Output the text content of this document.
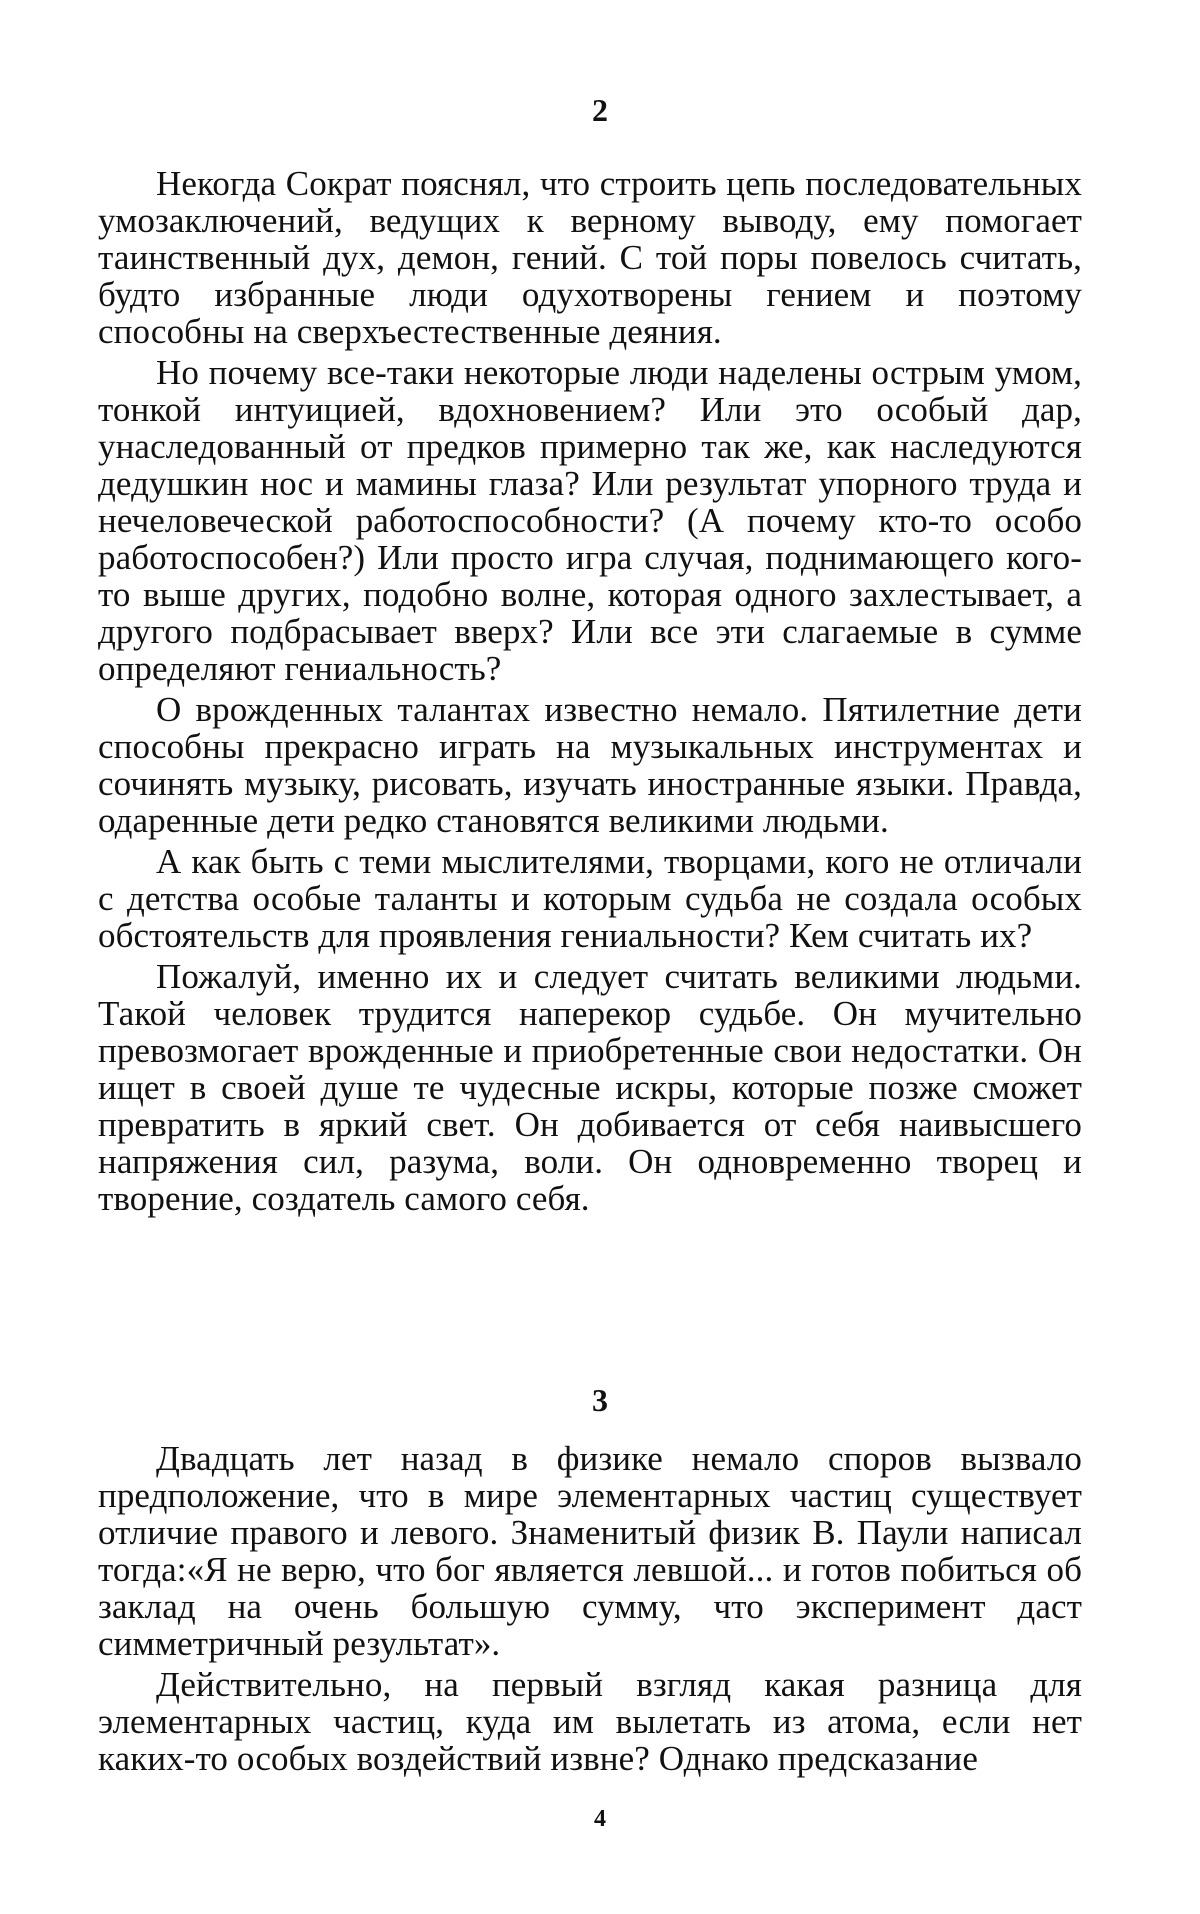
2

Некогда Сократ пояснял, что строить цепь последовательных умозаключений, ведущих к верному выводу, ему помогает таинственный дух, демон, гений. С той поры повелось считать, будто избранные люди одухотворены гением и поэтому способны на сверхъестественные деяния.

Но почему все-таки некоторые люди наделены острым умом, тонкой интуицией, вдохновением? Или это особый дар, унаследованный от предков примерно так же, как наследуются дедушкин нос и мамины глаза? Или результат упорного труда и нечеловеческой работоспособности? (А почему кто-то особо работоспособен?) Или просто игра случая, поднимающего кого-то выше других, подобно волне, которая одного захлестывает, а другого подбрасывает вверх? Или все эти слагаемые в сумме определяют гениальность?

О врожденных талантах известно немало. Пятилетние дети способны прекрасно играть на музыкальных инструментах и сочинять музыку, рисовать, изучать иностранные языки. Правда, одаренные дети редко становятся великими людьми.

А как быть с теми мыслителями, творцами, кого не отличали с детства особые таланты и которым судьба не создала особых обстоятельств для проявления гениальности? Кем считать их?

Пожалуй, именно их и следует считать великими людьми. Такой человек трудится наперекор судьбе. Он мучительно превозмогает врожденные и приобретенные свои недостатки. Он ищет в своей душе те чудесные искры, которые позже сможет превратить в яркий свет. Он добивается от себя наивысшего напряжения сил, разума, воли. Он одновременно творец и творение, создатель самого себя.

3

Двадцать лет назад в физике немало споров вызвало предположение, что в мире элементарных частиц существует отличие правого и левого. Знаменитый физик В. Паули написал тогда:«Я не верю, что бог является левшой... и готов побиться об заклад на очень большую сумму, что эксперимент даст симметричный результат».

Действительно, на первый взгляд какая разница для элементарных частиц, куда им вылетать из атома, если нет каких-то особых воздействий извне? Однако предсказание

4
